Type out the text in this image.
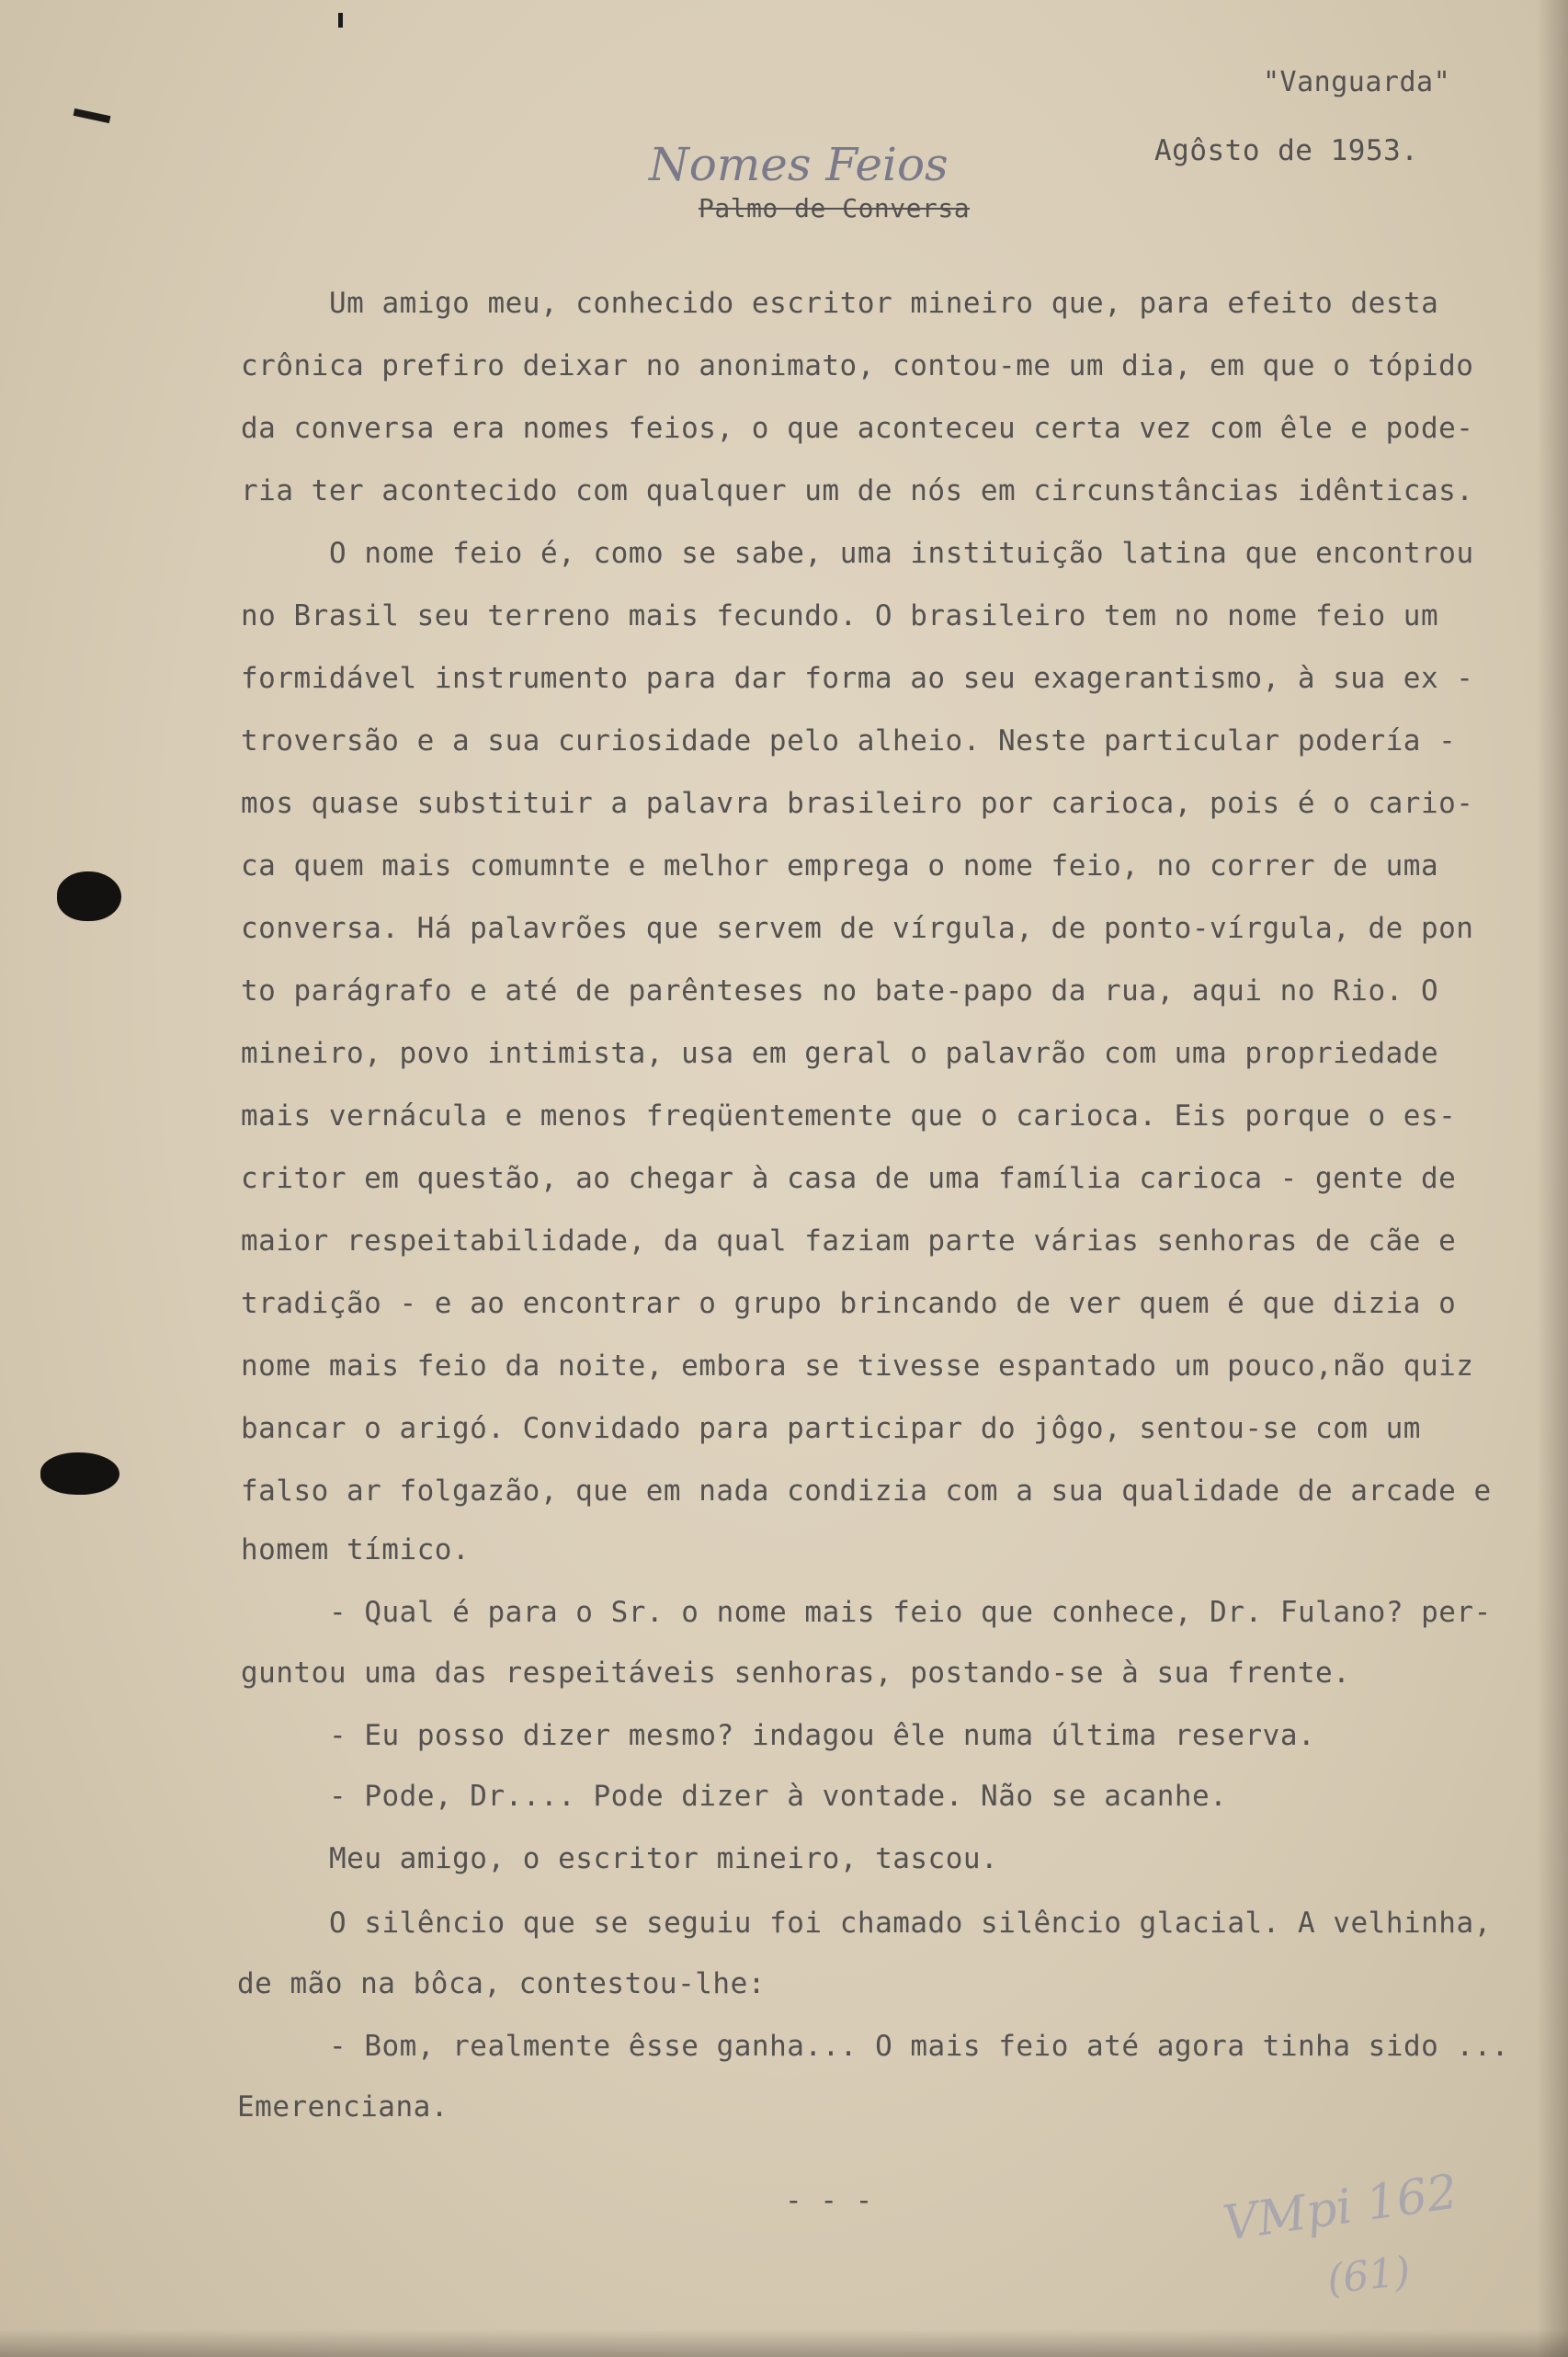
"Vanguarda"
Agôsto de 1953.
Nomes Feios
Palmo de Conversa
Um amigo meu, conhecido escritor mineiro que, para efeito desta
crônica prefiro deixar no anonimato, contou-me um dia, em que o tópido
da conversa era nomes feios, o que aconteceu certa vez com êle e pode-
ria ter acontecido com qualquer um de nós em circunstâncias idênticas.
O nome feio é, como se sabe, uma instituição latina que encontrou
no Brasil seu terreno mais fecundo. O brasileiro tem no nome feio um
formidável instrumento para dar forma ao seu exagerantismo, à sua ex -
troversão e a sua curiosidade pelo alheio. Neste particular podería -
mos quase substituir a palavra brasileiro por carioca, pois é o cario-
ca quem mais comumnte e melhor emprega o nome feio, no correr de uma
conversa. Há palavrões que servem de vírgula, de ponto-vírgula, de pon
to parágrafo e até de parênteses no bate-papo da rua, aqui no Rio. O
mineiro, povo intimista, usa em geral o palavrão com uma propriedade
mais vernácula e menos freqüentemente que o carioca. Eis porque o es-
critor em questão, ao chegar à casa de uma família carioca - gente de
maior respeitabilidade, da qual faziam parte várias senhoras de cãe e
tradição - e ao encontrar o grupo brincando de ver quem é que dizia o
nome mais feio da noite, embora se tivesse espantado um pouco,não quiz
bancar o arigó. Convidado para participar do jôgo, sentou-se com um
falso ar folgazão, que em nada condizia com a sua qualidade de arcade e
homem tímico.
- Qual é para o Sr. o nome mais feio que conhece, Dr. Fulano? per-
guntou uma das respeitáveis senhoras, postando-se à sua frente.
- Eu posso dizer mesmo? indagou êle numa última reserva.
- Pode, Dr.... Pode dizer à vontade. Não se acanhe.
Meu amigo, o escritor mineiro, tascou.
O silêncio que se seguiu foi chamado silêncio glacial. A velhinha,
de mão na bôca, contestou-lhe:
- Bom, realmente êsse ganha... O mais feio até agora tinha sido ...
Emerenciana.
- - -	VMpi 162
(61)
